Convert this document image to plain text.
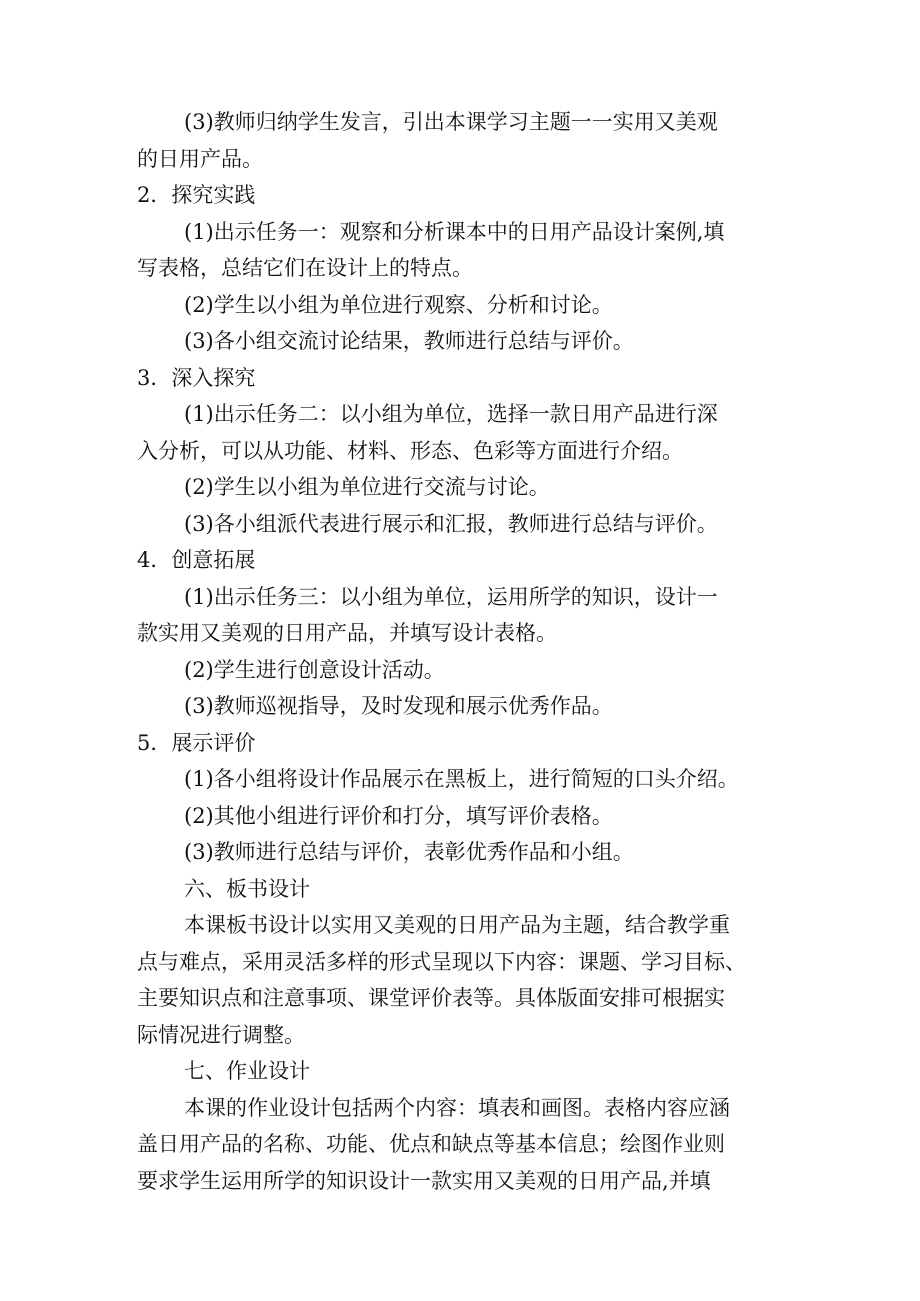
(3)教师归纳学生发言，引出本课学习主题一一实用又美观
的日用产品。
2．探究实践
(1)出示任务一：观察和分析课本中的日用产品设计案例,填
写表格，总结它们在设计上的特点。
(2)学生以小组为单位进行观察、分析和讨论。
(3)各小组交流讨论结果，教师进行总结与评价。
3．深入探究
(1)出示任务二：以小组为单位，选择一款日用产品进行深
入分析，可以从功能、材料、形态、色彩等方面进行介绍。
(2)学生以小组为单位进行交流与讨论。
(3)各小组派代表进行展示和汇报，教师进行总结与评价。
4．创意拓展
(1)出示任务三：以小组为单位，运用所学的知识，设计一
款实用又美观的日用产品，并填写设计表格。
(2)学生进行创意设计活动。
(3)教师巡视指导，及时发现和展示优秀作品。
5．展示评价
(1)各小组将设计作品展示在黑板上，进行简短的口头介绍。
(2)其他小组进行评价和打分，填写评价表格。
(3)教师进行总结与评价，表彰优秀作品和小组。
六、板书设计
本课板书设计以实用又美观的日用产品为主题，结合教学重
点与难点，采用灵活多样的形式呈现以下内容：课题、学习目标、
主要知识点和注意事项、课堂评价表等。具体版面安排可根据实
际情况进行调整。
七、作业设计
本课的作业设计包括两个内容：填表和画图。表格内容应涵
盖日用产品的名称、功能、优点和缺点等基本信息；绘图作业则
要求学生运用所学的知识设计一款实用又美观的日用产品,并填
